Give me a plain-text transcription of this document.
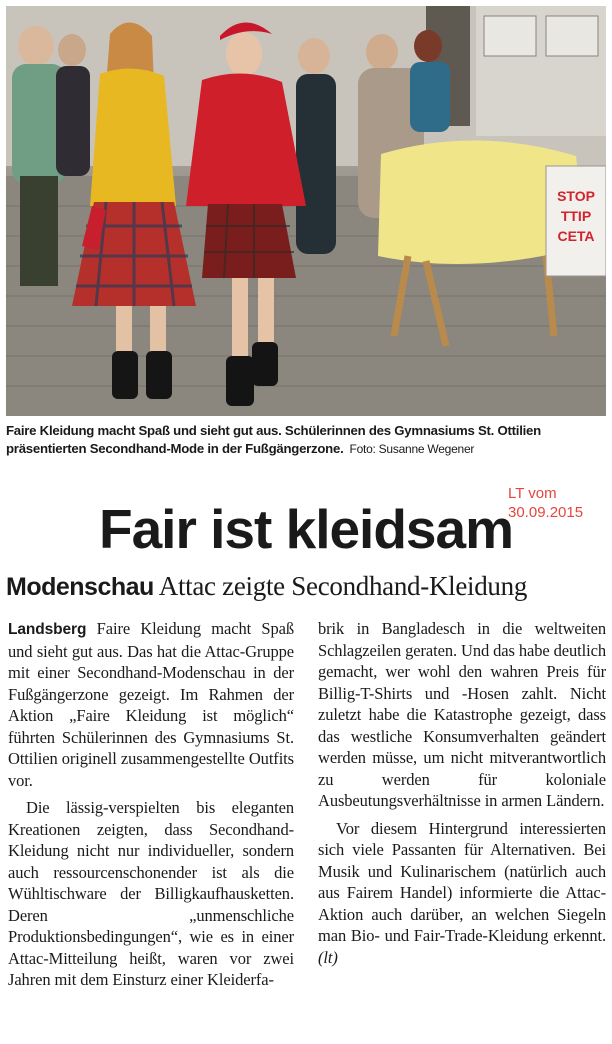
STOP
TTIP
CETA
Faire Kleidung macht Spaß und sieht gut aus. Schülerinnen des Gymnasiums St. Ottilien präsentierten Secondhand-Mode in der Fußgängerzone. Foto: Susanne Wegener
LT vom 30.09.2015
Fair ist kleidsam
Modenschau Attac zeigte Secondhand-Kleidung

Landsberg Faire Kleidung macht Spaß und sieht gut aus. Das hat die Attac-Gruppe mit einer Secondhand-Modenschau in der Fußgängerzone gezeigt. Im Rahmen der Aktion „Faire Kleidung ist möglich“ führten Schülerinnen des Gymnasiums St. Ottilien originell zusammengestellte Outfits vor.

Die lässig-verspielten bis eleganten Kreationen zeigten, dass Secondhand-Kleidung nicht nur individueller, sondern auch ressourcenschonender ist als die Wühltischware der Billigkaufhausketten. Deren „unmenschliche Produktionsbedingungen“, wie es in einer Attac-Mitteilung heißt, waren vor zwei Jahren mit dem Einsturz einer Kleiderfa-

brik in Bangladesch in die weltweiten Schlagzeilen geraten. Und das habe deutlich gemacht, wer wohl den wahren Preis für Billig-T-Shirts und -Hosen zahlt. Nicht zuletzt habe die Katastrophe gezeigt, dass das westliche Konsumverhalten geändert werden müsse, um nicht mitverantwortlich zu werden für koloniale Ausbeutungsverhältnisse in armen Ländern.

Vor diesem Hintergrund interessierten sich viele Passanten für Alternativen. Bei Musik und Kulinarischem (natürlich auch aus Fairem Handel) informierte die Attac-Aktion auch darüber, an welchen Siegeln man Bio- und Fair-Trade-Kleidung erkennt. (lt)
